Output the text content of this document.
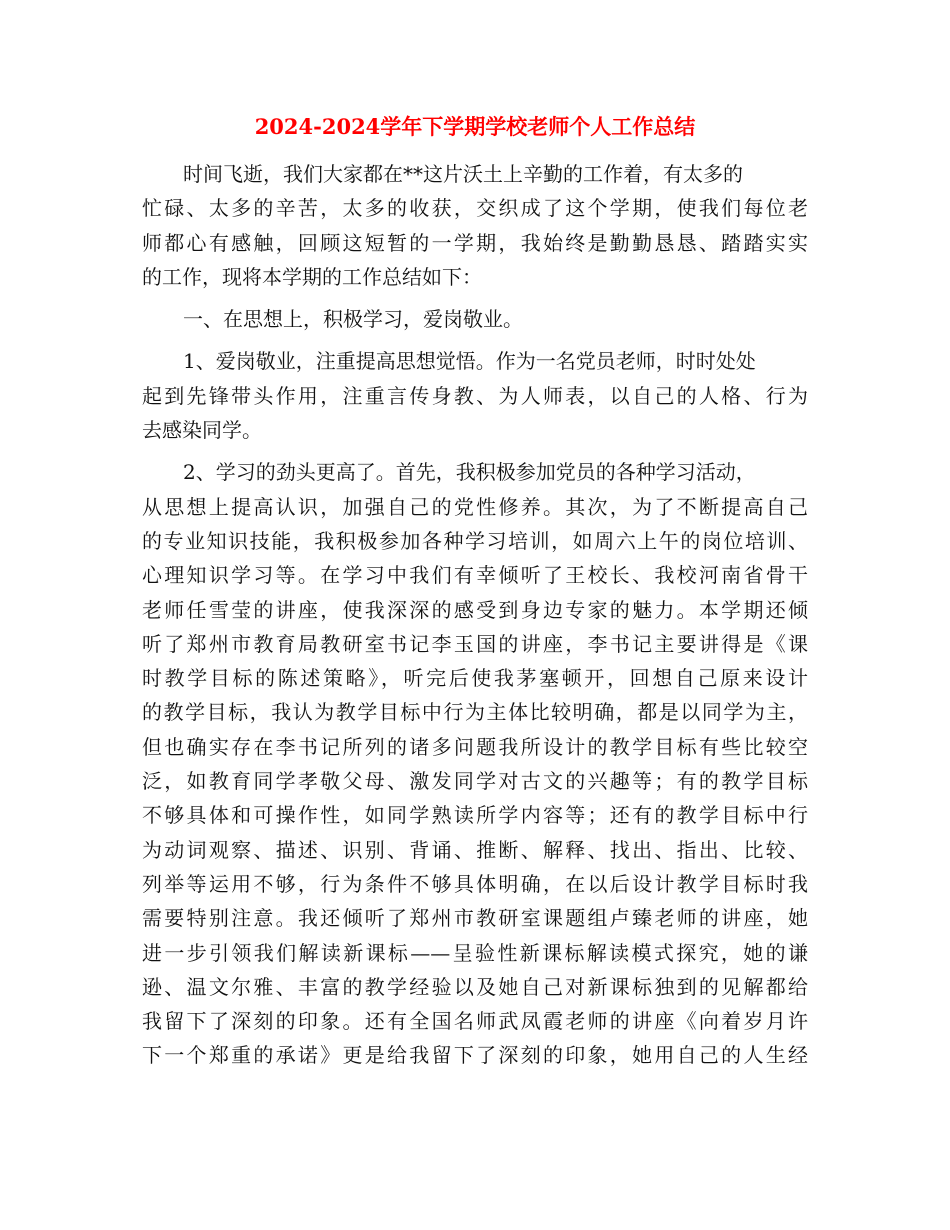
2024-2024学年下学期学校老师个人工作总结
时间飞逝，我们大家都在**这片沃土上辛勤的工作着，有太多的
忙碌、太多的辛苦，太多的收获，交织成了这个学期，使我们每位老
师都心有感触，回顾这短暂的一学期，我始终是勤勤恳恳、踏踏实实
的工作，现将本学期的工作总结如下：
一、在思想上，积极学习，爱岗敬业。
1、爱岗敬业，注重提高思想觉悟。作为一名党员老师，时时处处
起到先锋带头作用，注重言传身教、为人师表，以自己的人格、行为
去感染同学。
2、学习的劲头更高了。首先，我积极参加党员的各种学习活动，
从思想上提高认识，加强自己的党性修养。其次，为了不断提高自己
的专业知识技能，我积极参加各种学习培训，如周六上午的岗位培训、
心理知识学习等。在学习中我们有幸倾听了王校长、我校河南省骨干
老师任雪莹的讲座，使我深深的感受到身边专家的魅力。本学期还倾
听了郑州市教育局教研室书记李玉国的讲座，李书记主要讲得是《课
时教学目标的陈述策略》，听完后使我茅塞顿开，回想自己原来设计
的教学目标，我认为教学目标中行为主体比较明确，都是以同学为主，
但也确实存在李书记所列的诸多问题我所设计的教学目标有些比较空
泛，如教育同学孝敬父母、激发同学对古文的兴趣等；有的教学目标
不够具体和可操作性，如同学熟读所学内容等；还有的教学目标中行
为动词观察、描述、识别、背诵、推断、解释、找出、指出、比较、
列举等运用不够，行为条件不够具体明确，在以后设计教学目标时我
需要特别注意。我还倾听了郑州市教研室课题组卢臻老师的讲座，她
进一步引领我们解读新课标——呈验性新课标解读模式探究，她的谦
逊、温文尔雅、丰富的教学经验以及她自己对新课标独到的见解都给
我留下了深刻的印象。还有全国名师武凤霞老师的讲座《向着岁月许
下一个郑重的承诺》更是给我留下了深刻的印象，她用自己的人生经
